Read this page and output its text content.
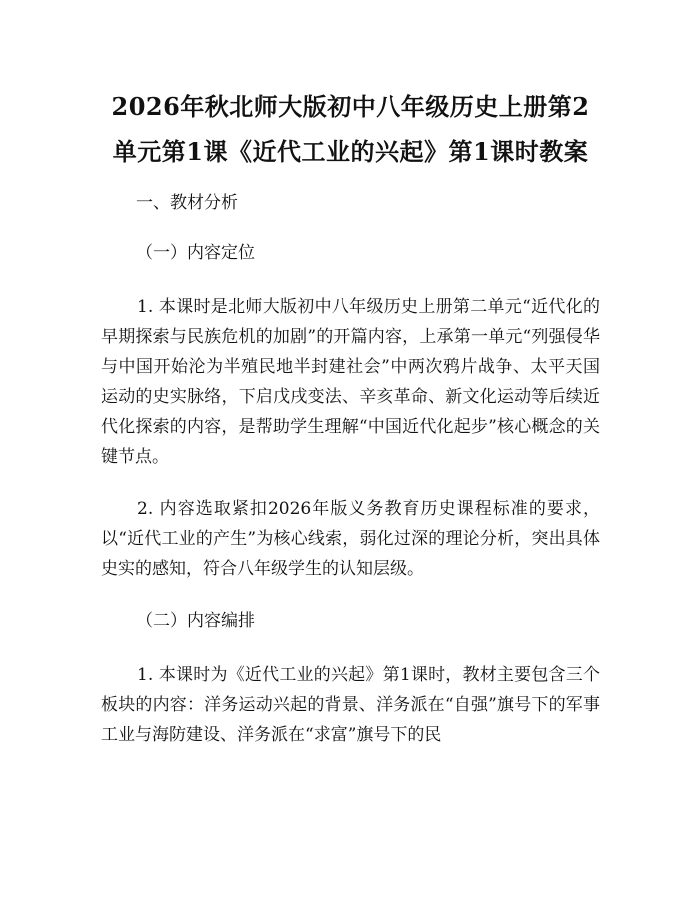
2026年秋北师大版初中八年级历史上册第2单元第1课《近代工业的兴起》第1课时教案

一、教材分析

（一）内容定位

1. 本课时是北师大版初中八年级历史上册第二单元“近代化的早期探索与民族危机的加剧”的开篇内容，上承第一单元“列强侵华与中国开始沦为半殖民地半封建社会”中两次鸦片战争、太平天国运动的史实脉络，下启戊戌变法、辛亥革命、新文化运动等后续近代化探索的内容，是帮助学生理解“中国近代化起步”核心概念的关键节点。

2. 内容选取紧扣2026年版义务教育历史课程标准的要求，以“近代工业的产生”为核心线索，弱化过深的理论分析，突出具体史实的感知，符合八年级学生的认知层级。

（二）内容编排

1. 本课时为《近代工业的兴起》第1课时，教材主要包含三个板块的内容：洋务运动兴起的背景、洋务派在“自强”旗号下的军事工业与海防建设、洋务派在“求富”旗号下的民
